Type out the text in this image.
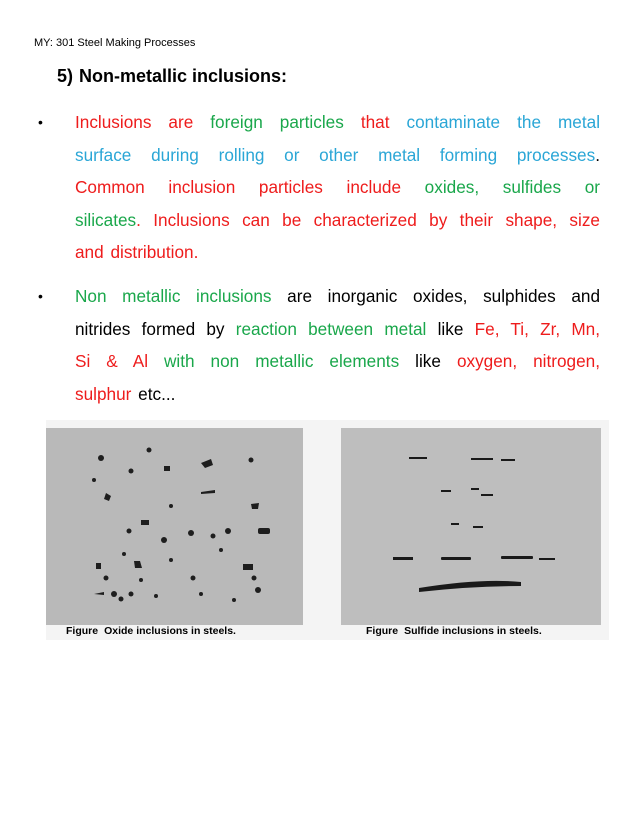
MY: 301 Steel Making Processes
5) Non-metallic inclusions:
• Inclusions are foreign particles that contaminate the metal
surface during rolling or other metal forming processes.
Common inclusion particles include oxides, sulfides or
silicates. Inclusions can be characterized by their shape, size
and distribution.
• Non metallic inclusions are inorganic oxides, sulphides and
nitrides formed by reaction between metal like Fe, Ti, Zr, Mn,
Si & Al with non metallic elements like oxygen, nitrogen,
sulphur etc...
Figure Oxide inclusions in steels.	Figure Sulfide inclusions in steels.
